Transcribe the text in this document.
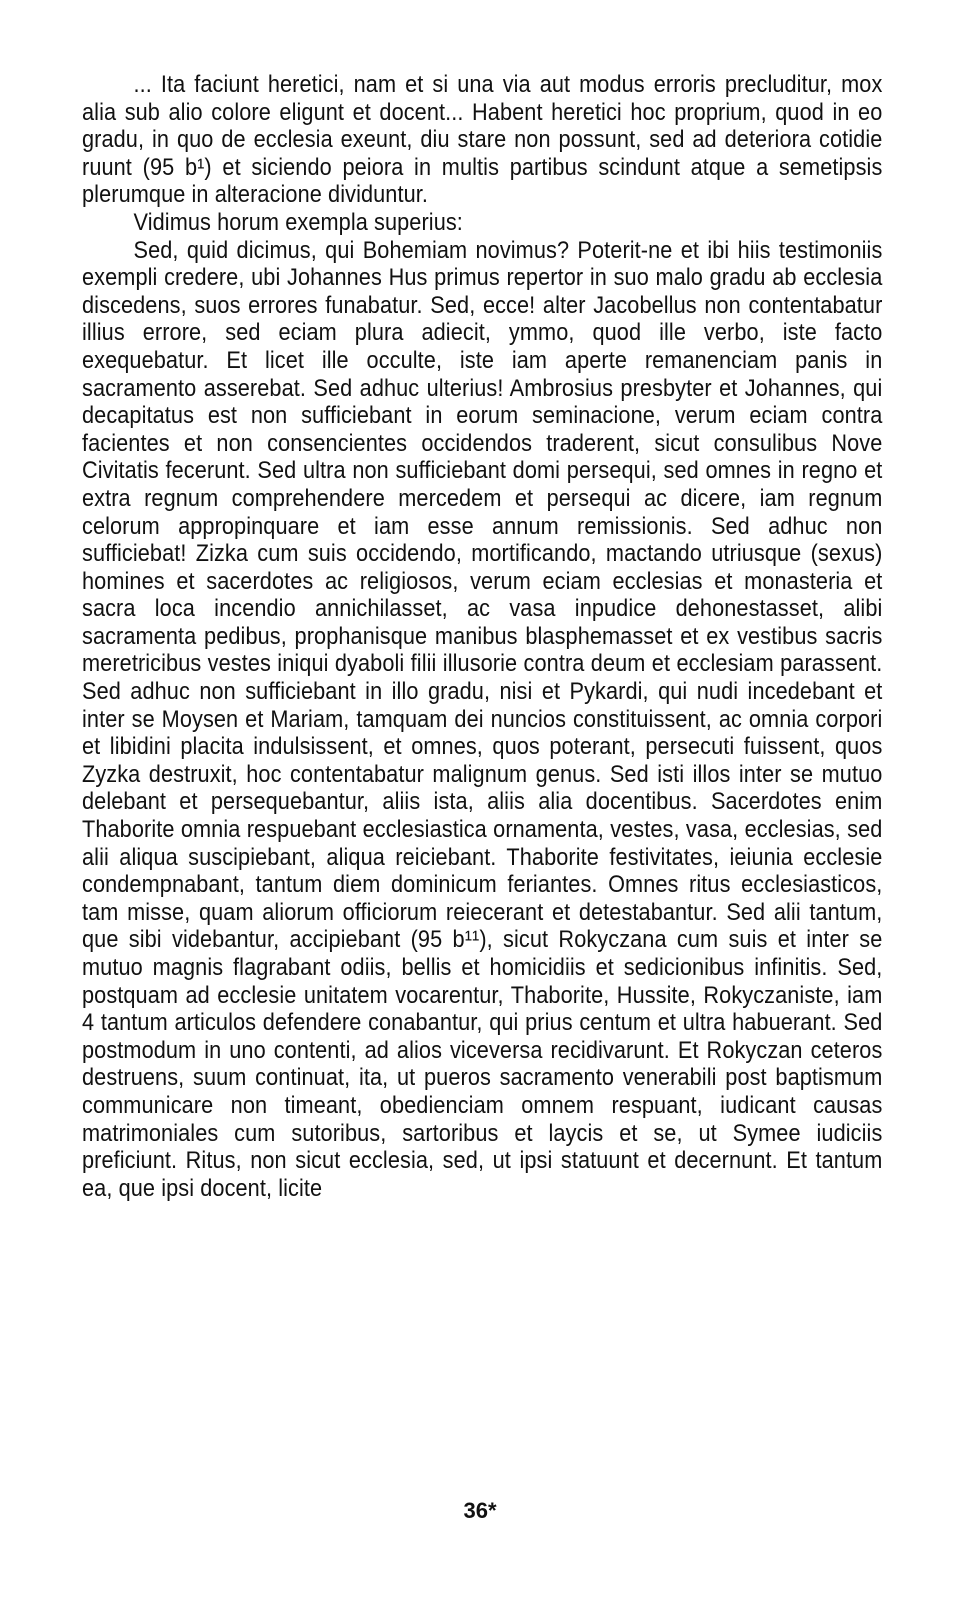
... Ita faciunt heretici, nam et si una via aut modus erroris precluditur, mox alia sub alio colore eligunt et docent... Habent heretici hoc proprium, quod in eo gradu, in quo de ecclesia exeunt, diu stare non possunt, sed ad deteriora cotidie ruunt (95 b¹) et siciendo peiora in multis partibus scindunt atque a semetipsis plerumque in alteracione dividuntur.

Vidimus horum exempla superius:

Sed, quid dicimus, qui Bohemiam novimus? Poterit-ne et ibi hiis testimoniis exempli credere, ubi Johannes Hus primus repertor in suo malo gradu ab ecclesia discedens, suos errores funabatur. Sed, ecce! alter Jacobellus non contentabatur illius errore, sed eciam plura adiecit, ymmo, quod ille verbo, iste facto exequebatur. Et licet ille occulte, iste iam aperte remanenciam panis in sacramento asserebat. Sed adhuc ulterius! Ambrosius presbyter et Johannes, qui decapitatus est non sufficiebant in eorum seminacione, verum eciam contra facientes et non consencientes occidendos traderent, sicut consulibus Nove Civitatis fecerunt. Sed ultra non sufficiebant domi persequi, sed omnes in regno et extra regnum comprehendere mercedem et persequi ac dicere, iam regnum celorum appropinquare et iam esse annum remissionis. Sed adhuc non sufficiebat! Zizka cum suis occidendo, mortificando, mactando utriusque (sexus) homines et sacerdotes ac religiosos, verum eciam ecclesias et monasteria et sacra loca incendio annichilasset, ac vasa inpudice dehonestasset, alibi sacramenta pedibus, prophanisque manibus blasphemasset et ex vestibus sacris meretricibus vestes iniqui dyaboli filii illusorie contra deum et ecclesiam parassent. Sed adhuc non sufficiebant in illo gradu, nisi et Pykardi, qui nudi incedebant et inter se Moysen et Mariam, tamquam dei nuncios constituissent, ac omnia corpori et libidini placita indulsissent, et omnes, quos poterant, persecuti fuissent, quos Zyzka destruxit, hoc contentabatur malignum genus. Sed isti illos inter se mutuo delebant et persequebantur, aliis ista, aliis alia docentibus. Sacerdotes enim Thaborite omnia respuebant ecclesiastica ornamenta, vestes, vasa, ecclesias, sed alii aliqua suscipiebant, aliqua reiciebant. Thaborite festivitates, ieiunia ecclesie condempnabant, tantum diem dominicum feriantes. Omnes ritus ecclesiasticos, tam misse, quam aliorum officiorum reiecerant et detestabantur. Sed alii tantum, que sibi videbantur, accipiebant (95 b¹¹), sicut Rokyczana cum suis et inter se mutuo magnis flagrabant odiis, bellis et homicidiis et sedicionibus infinitis. Sed, postquam ad ecclesie unitatem vocarentur, Thaborite, Hussite, Rokyczaniste, iam 4 tantum articulos defendere conabantur, qui prius centum et ultra habuerant. Sed postmodum in uno contenti, ad alios viceversa recidivarunt. Et Rokyczan ceteros destruens, suum continuat, ita, ut pueros sacramento venerabili post baptismum communicare non timeant, obedienciam omnem respuant, iudicant causas matrimoniales cum sutoribus, sartoribus et laycis et se, ut Symee iudiciis preficiunt. Ritus, non sicut ecclesia, sed, ut ipsi statuunt et decernunt. Et tantum ea, que ipsi docent, licite

36*
